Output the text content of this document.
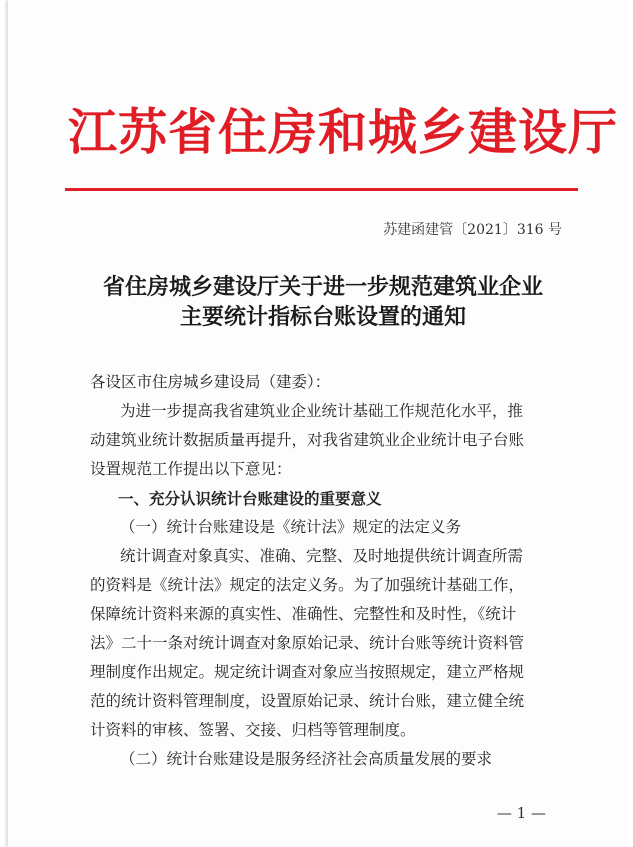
江苏省住房和城乡建设厅
苏建函建管〔2021〕316 号
省住房城乡建设厅关于进一步规范建筑业企业
主要统计指标台账设置的通知
各设区市住房城乡建设局（建委）：
为进一步提高我省建筑业企业统计基础工作规范化水平，推
动建筑业统计数据质量再提升，对我省建筑业企业统计电子台账
设置规范工作提出以下意见：
一、充分认识统计台账建设的重要意义
（一）统计台账建设是《统计法》规定的法定义务
统计调查对象真实、准确、完整、及时地提供统计调查所需
的资料是《统计法》规定的法定义务。为了加强统计基础工作，
保障统计资料来源的真实性、准确性、完整性和及时性，《统计
法》二十一条对统计调查对象原始记录、统计台账等统计资料管
理制度作出规定。规定统计调查对象应当按照规定，建立严格规
范的统计资料管理制度，设置原始记录、统计台账，建立健全统
计资料的审核、签署、交接、归档等管理制度。
（二）统计台账建设是服务经济社会高质量发展的要求
— 1 —
